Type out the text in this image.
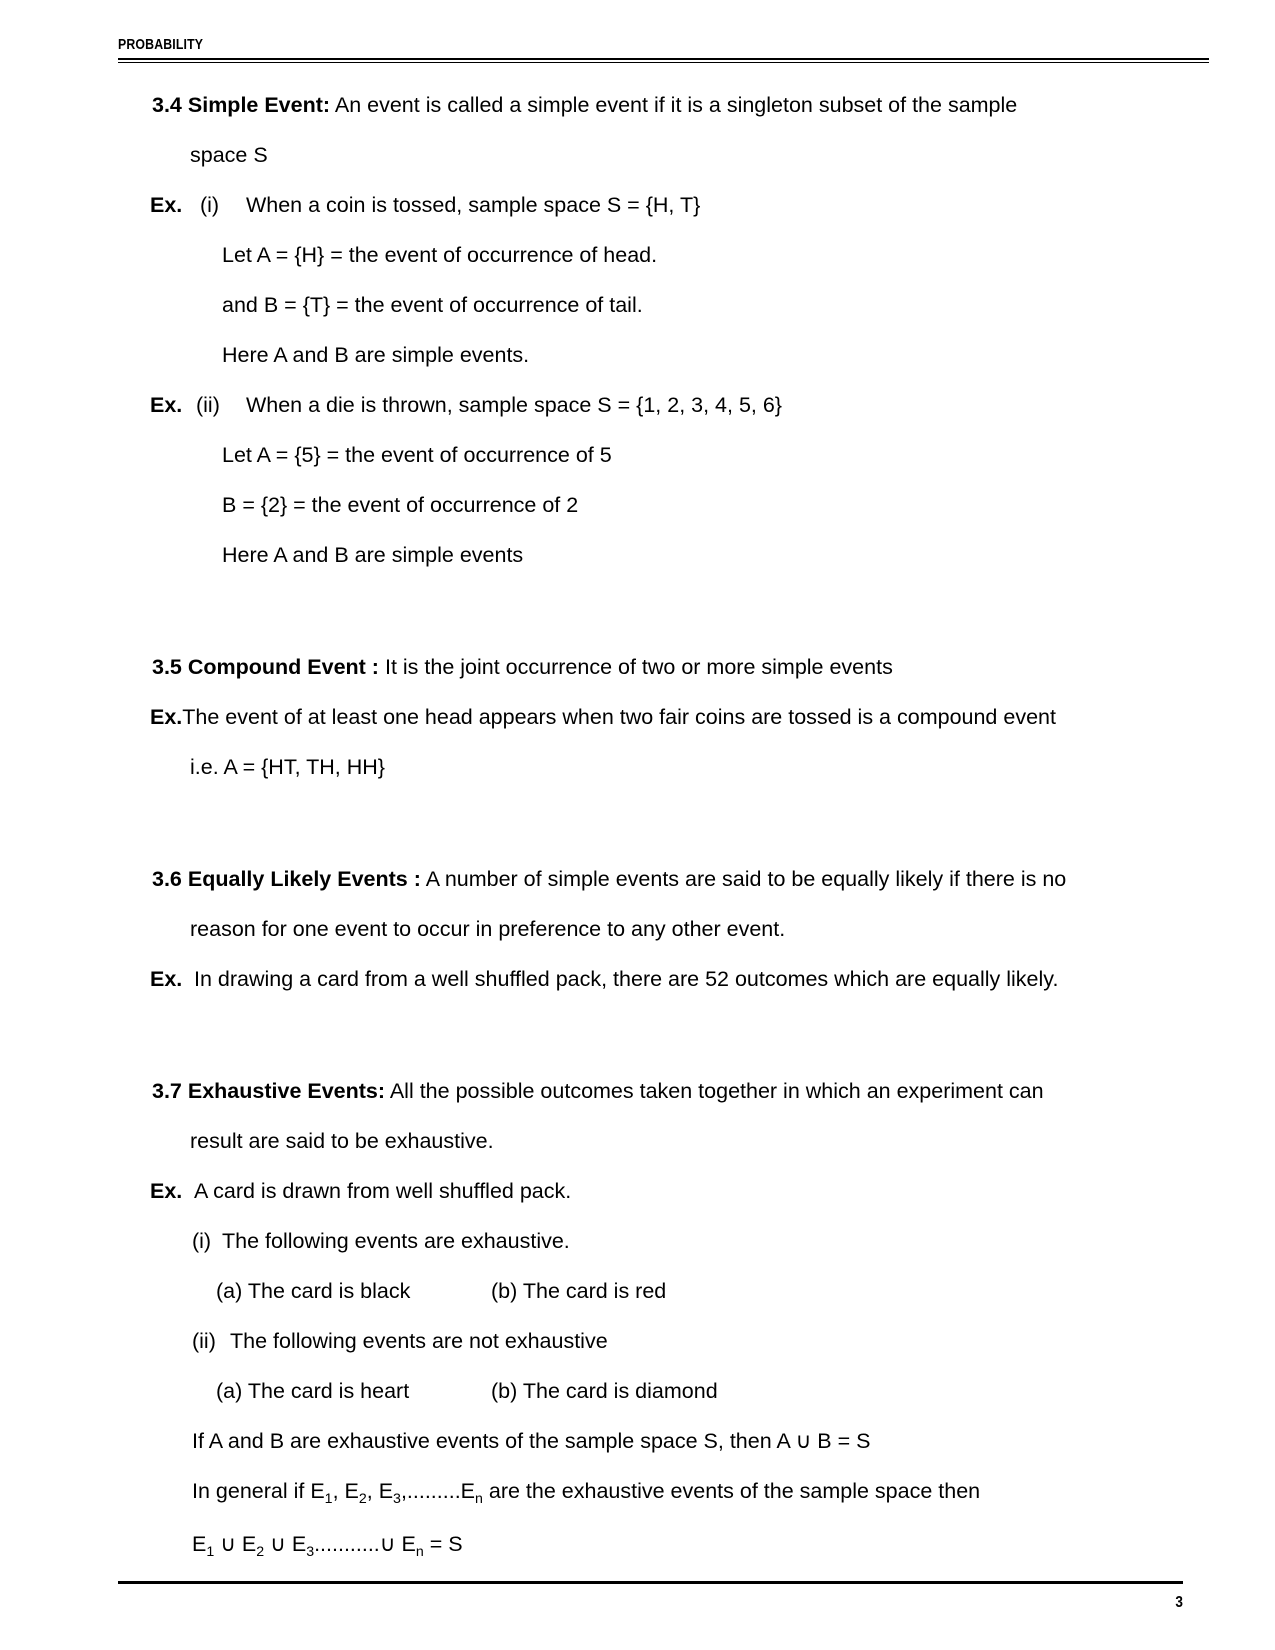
PROBABILITY
3.4 Simple Event: An event is called a simple event if it is a singleton subset of the sample
space S
Ex. (i) When a coin is tossed, sample space S = {H, T}
Let A = {H} = the event of occurrence of head.
and B = {T} = the event of occurrence of tail.
Here A and B are simple events.
Ex. (ii) When a die is thrown, sample space S = {1, 2, 3, 4, 5, 6}
Let A = {5} = the event of occurrence of 5
B = {2} = the event of occurrence of 2
Here A and B are simple events
3.5 Compound Event : It is the joint occurrence of two or more simple events
Ex.The event of at least one head appears when two fair coins are tossed is a compound event
i.e. A = {HT, TH, HH}
3.6 Equally Likely Events : A number of simple events are said to be equally likely if there is no
reason for one event to occur in preference to any other event.
Ex. In drawing a card from a well shuffled pack, there are 52 outcomes which are equally likely.
3.7 Exhaustive Events: All the possible outcomes taken together in which an experiment can
result are said to be exhaustive.
Ex. A card is drawn from well shuffled pack.
(i) The following events are exhaustive.
(a) The card is black	(b) The card is red
(ii) The following events are not exhaustive
(a) The card is heart	(b) The card is diamond
If A and B are exhaustive events of the sample space S, then A ∪ B = S
In general if $E_1$, $E_2$, $E_3,.........E_n$ are the exhaustive events of the sample space then
$E_1$ ∪ $E_2$ ∪ $E_3...........\cup$ $E_n = S$
3
